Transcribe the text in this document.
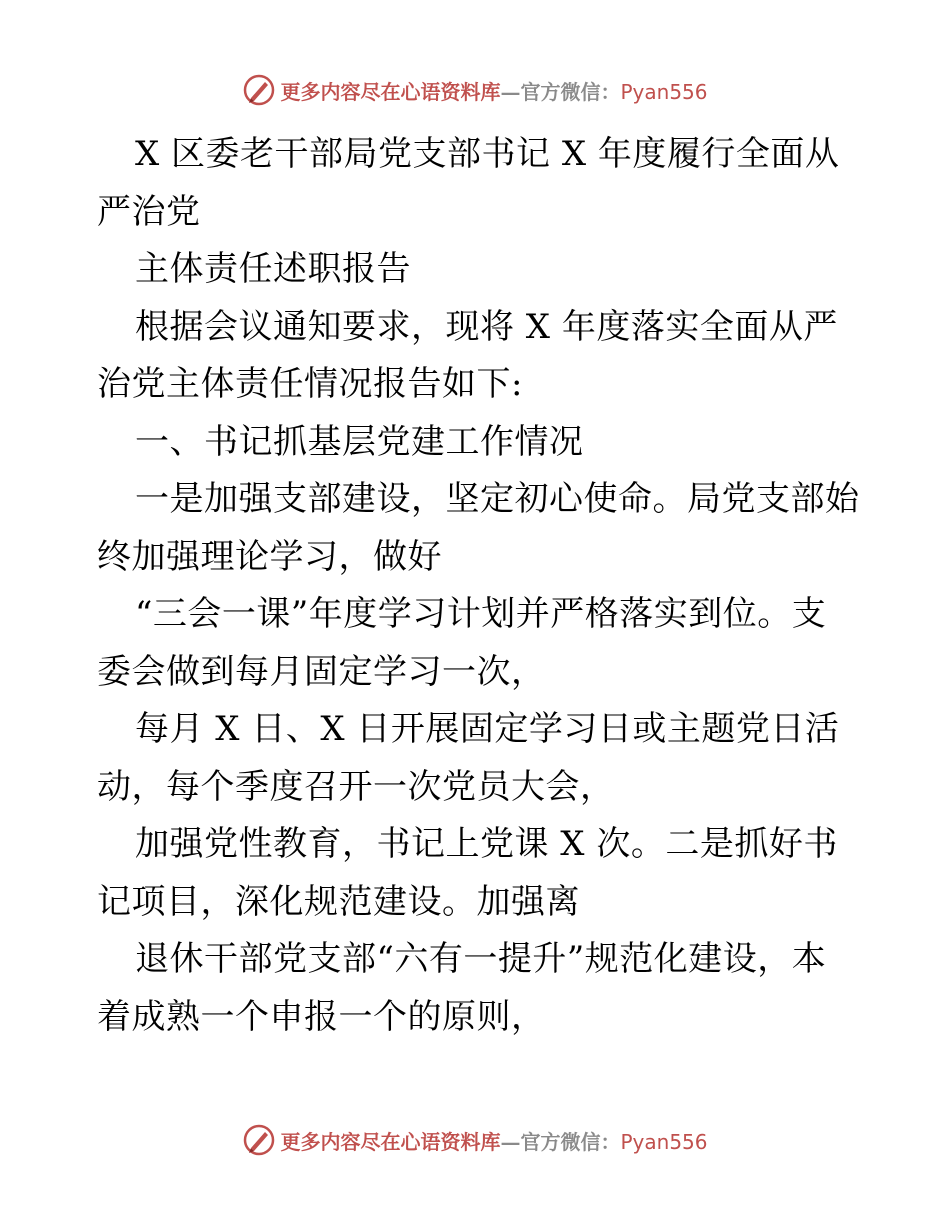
更多内容尽在心语资料库—官方微信：Pyan556
X 区委老干部局党支部书记 X 年度履行全面从
严治党
主体责任述职报告
根据会议通知要求，现将 X 年度落实全面从严
治党主体责任情况报告如下:
一、书记抓基层党建工作情况
一是加强支部建设，坚定初心使命。局党支部始
终加强理论学习，做好
“三会一课”年度学习计划并严格落实到位。支
委会做到每月固定学习一次，
每月 X 日、X 日开展固定学习日或主题党日活
动，每个季度召开一次党员大会，
加强党性教育，书记上党课 X 次。二是抓好书
记项目，深化规范建设。加强离
退休干部党支部“六有一提升”规范化建设，本
着成熟一个申报一个的原则，
更多内容尽在心语资料库—官方微信：Pyan556
